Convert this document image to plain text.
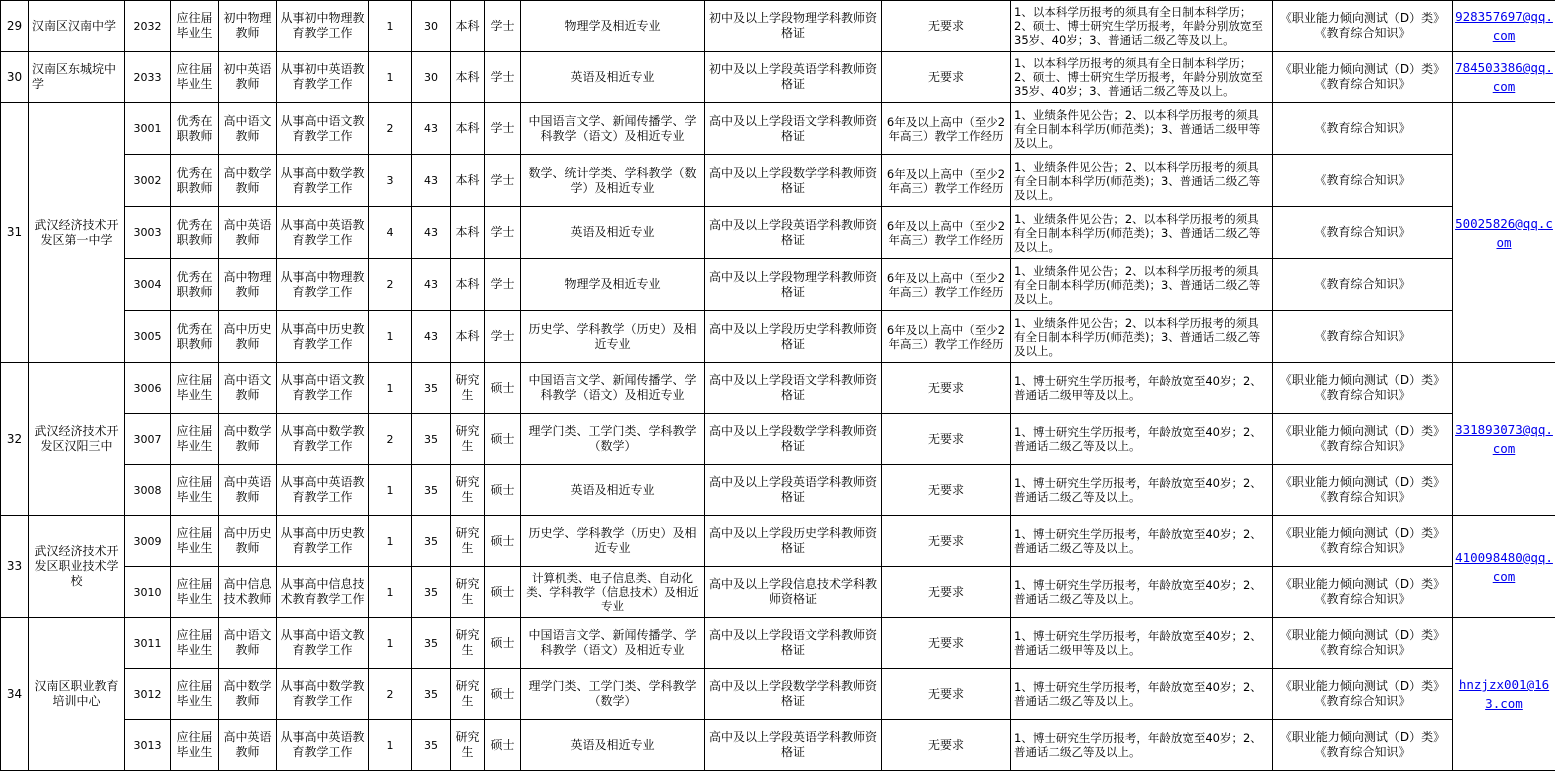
29	汉南区汉南中学	2032	应往届毕业生	初中物理教师	从事初中物理教育教学工作	1	30	本科	学士	物理学及相近专业	初中及以上学段物理学科教师资格证	无要求	1、以本科学历报考的须具有全日制本科学历；2、硕士、博士研究生学历报考，年龄分别放宽至35岁、40岁；3、普通话二级乙等及以上。	《职业能力倾向测试（D）类》《教育综合知识》	928357697@qq.com
30	汉南区东城垸中学	2033	应往届毕业生	初中英语教师	从事初中英语教育教学工作	1	30	本科	学士	英语及相近专业	初中及以上学段英语学科教师资格证	无要求	1、以本科学历报考的须具有全日制本科学历；2、硕士、博士研究生学历报考，年龄分别放宽至35岁、40岁；3、普通话二级乙等及以上。	《职业能力倾向测试（D）类》《教育综合知识》	784503386@qq.com
31	武汉经济技术开发区第一中学	3001	优秀在职教师	高中语文教师	从事高中语文教育教学工作	2	43	本科	学士	中国语言文学、新闻传播学、学科教学（语文）及相近专业	高中及以上学段语文学科教师资格证	6年及以上高中（至少2年高三）教学工作经历	1、业绩条件见公告；2、以本科学历报考的须具有全日制本科学历(师范类)；3、普通话二级甲等及以上。	《教育综合知识》	50025826@qq.com
		3002	优秀在职教师	高中数学教师	从事高中数学教育教学工作	3	43	本科	学士	数学、统计学类、学科教学（数学）及相近专业	高中及以上学段数学学科教师资格证	6年及以上高中（至少2年高三）教学工作经历	1、业绩条件见公告；2、以本科学历报考的须具有全日制本科学历(师范类)；3、普通话二级乙等及以上。	《教育综合知识》	
		3003	优秀在职教师	高中英语教师	从事高中英语教育教学工作	4	43	本科	学士	英语及相近专业	高中及以上学段英语学科教师资格证	6年及以上高中（至少2年高三）教学工作经历	1、业绩条件见公告；2、以本科学历报考的须具有全日制本科学历(师范类)；3、普通话二级乙等及以上。	《教育综合知识》	
		3004	优秀在职教师	高中物理教师	从事高中物理教育教学工作	2	43	本科	学士	物理学及相近专业	高中及以上学段物理学科教师资格证	6年及以上高中（至少2年高三）教学工作经历	1、业绩条件见公告；2、以本科学历报考的须具有全日制本科学历(师范类)；3、普通话二级乙等及以上。	《教育综合知识》	
		3005	优秀在职教师	高中历史教师	从事高中历史教育教学工作	1	43	本科	学士	历史学、学科教学（历史）及相近专业	高中及以上学段历史学科教师资格证	6年及以上高中（至少2年高三）教学工作经历	1、业绩条件见公告；2、以本科学历报考的须具有全日制本科学历(师范类)；3、普通话二级乙等及以上。	《教育综合知识》	
32	武汉经济技术开发区汉阳三中	3006	应往届毕业生	高中语文教师	从事高中语文教育教学工作	1	35	研究生	硕士	中国语言文学、新闻传播学、学科教学（语文）及相近专业	高中及以上学段语文学科教师资格证	无要求	1、博士研究生学历报考，年龄放宽至40岁；2、普通话二级甲等及以上。	《职业能力倾向测试（D）类》《教育综合知识》	331893073@qq.com
		3007	应往届毕业生	高中数学教师	从事高中数学教育教学工作	2	35	研究生	硕士	理学门类、工学门类、学科教学（数学）	高中及以上学段数学学科教师资格证	无要求	1、博士研究生学历报考，年龄放宽至40岁；2、普通话二级乙等及以上。	《职业能力倾向测试（D）类》《教育综合知识》	
		3008	应往届毕业生	高中英语教师	从事高中英语教育教学工作	1	35	研究生	硕士	英语及相近专业	高中及以上学段英语学科教师资格证	无要求	1、博士研究生学历报考，年龄放宽至40岁；2、普通话二级乙等及以上。	《职业能力倾向测试（D）类》《教育综合知识》	
33	武汉经济技术开发区职业技术学校	3009	应往届毕业生	高中历史教师	从事高中历史教育教学工作	1	35	研究生	硕士	历史学、学科教学（历史）及相近专业	高中及以上学段历史学科教师资格证	无要求	1、博士研究生学历报考，年龄放宽至40岁；2、普通话二级乙等及以上。	《职业能力倾向测试（D）类》《教育综合知识》	410098480@qq.com
		3010	应往届毕业生	高中信息技术教师	从事高中信息技术教育教学工作	1	35	研究生	硕士	计算机类、电子信息类、自动化类、学科教学（信息技术）及相近专业	高中及以上学段信息技术学科教师资格证	无要求	1、博士研究生学历报考，年龄放宽至40岁；2、普通话二级乙等及以上。	《职业能力倾向测试（D）类》《教育综合知识》	
34	汉南区职业教育培训中心	3011	应往届毕业生	高中语文教师	从事高中语文教育教学工作	1	35	研究生	硕士	中国语言文学、新闻传播学、学科教学（语文）及相近专业	高中及以上学段语文学科教师资格证	无要求	1、博士研究生学历报考，年龄放宽至40岁；2、普通话二级甲等及以上。	《职业能力倾向测试（D）类》《教育综合知识》	hnzjzx001@163.com
		3012	应往届毕业生	高中数学教师	从事高中数学教育教学工作	2	35	研究生	硕士	理学门类、工学门类、学科教学（数学）	高中及以上学段数学学科教师资格证	无要求	1、博士研究生学历报考，年龄放宽至40岁；2、普通话二级乙等及以上。	《职业能力倾向测试（D）类》《教育综合知识》	
		3013	应往届毕业生	高中英语教师	从事高中英语教育教学工作	1	35	研究生	硕士	英语及相近专业	高中及以上学段英语学科教师资格证	无要求	1、博士研究生学历报考，年龄放宽至40岁；2、普通话二级乙等及以上。	《职业能力倾向测试（D）类》《教育综合知识》	
